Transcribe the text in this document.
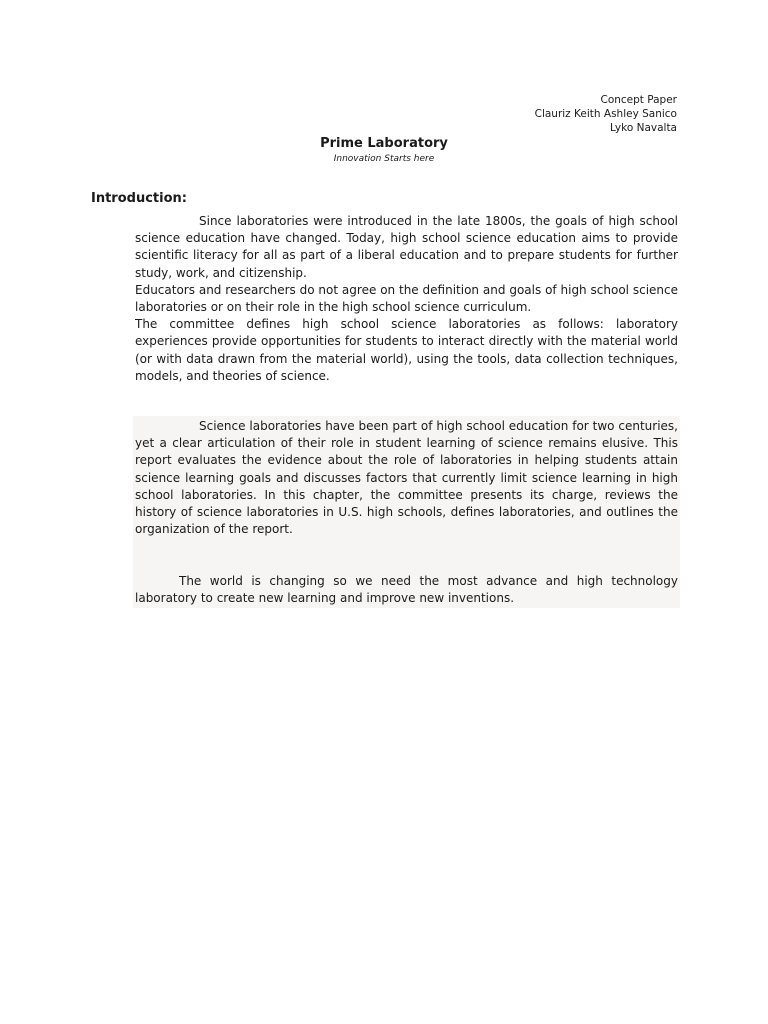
Concept Paper
Clauriz Keith Ashley Sanico
Lyko Navalta
Prime Laboratory
Innovation Starts here
Introduction:

Since laboratories were introduced in the late 1800s, the goals of high school science education have changed. Today, high school science education aims to provide scientific literacy for all as part of a liberal education and to prepare students for further study, work, and citizenship.

Educators and researchers do not agree on the definition and goals of high school science laboratories or on their role in the high school science curriculum.

The committee defines high school science laboratories as follows: laboratory experiences provide opportunities for students to interact directly with the material world (or with data drawn from the material world), using the tools, data collection techniques, models, and theories of science.

Science laboratories have been part of high school education for two centuries, yet a clear articulation of their role in student learning of science remains elusive. This report evaluates the evidence about the role of laboratories in helping students attain science learning goals and discusses factors that currently limit science learning in high school laboratories. In this chapter, the committee presents its charge, reviews the history of science laboratories in U.S. high schools, defines laboratories, and outlines the organization of the report.

The world is changing so we need the most advance and high technology laboratory to create new learning and improve new inventions.
